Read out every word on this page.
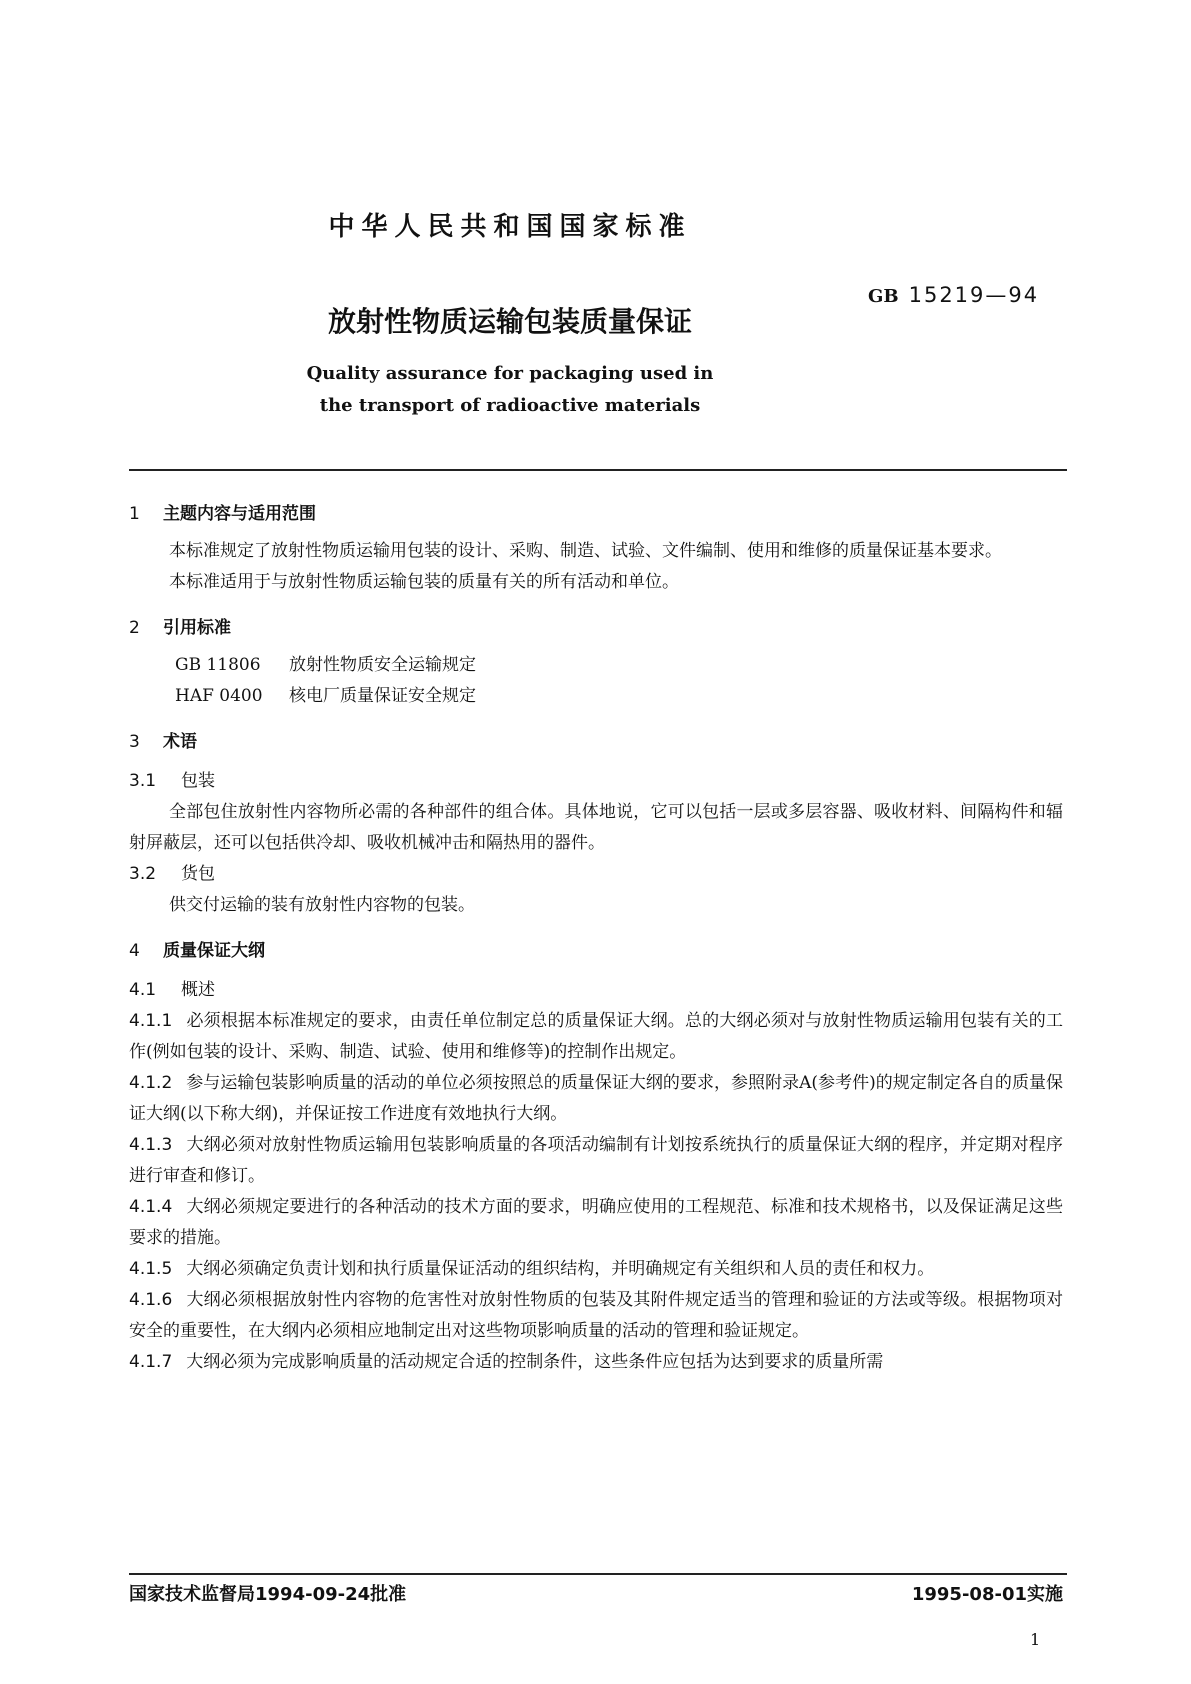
中华人民共和国国家标准
GB 15219—94
放射性物质运输包装质量保证
Quality assurance for packaging used in
the transport of radioactive materials
1 主题内容与适用范围

本标准规定了放射性物质运输用包装的设计、采购、制造、试验、文件编制、使用和维修的质量保证基本要求。

本标准适用于与放射性物质运输包装的质量有关的所有活动和单位。

2 引用标准
GB 11806 放射性物质安全运输规定
HAF 0400 核电厂质量保证安全规定
3 术语
3.1 包装

全部包住放射性内容物所必需的各种部件的组合体。具体地说，它可以包括一层或多层容器、吸收材料、间隔构件和辐射屏蔽层，还可以包括供冷却、吸收机械冲击和隔热用的器件。

3.2 货包

供交付运输的装有放射性内容物的包装。

4 质量保证大纲
4.1 概述

4.1.1 必须根据本标准规定的要求，由责任单位制定总的质量保证大纲。总的大纲必须对与放射性物质运输用包装有关的工作(例如包装的设计、采购、制造、试验、使用和维修等)的控制作出规定。

4.1.2 参与运输包装影响质量的活动的单位必须按照总的质量保证大纲的要求，参照附录A(参考件)的规定制定各自的质量保证大纲(以下称大纲)，并保证按工作进度有效地执行大纲。

4.1.3 大纲必须对放射性物质运输用包装影响质量的各项活动编制有计划按系统执行的质量保证大纲的程序，并定期对程序进行审查和修订。

4.1.4 大纲必须规定要进行的各种活动的技术方面的要求，明确应使用的工程规范、标准和技术规格书，以及保证满足这些要求的措施。

4.1.5 大纲必须确定负责计划和执行质量保证活动的组织结构，并明确规定有关组织和人员的责任和权力。

4.1.6 大纲必须根据放射性内容物的危害性对放射性物质的包装及其附件规定适当的管理和验证的方法或等级。根据物项对安全的重要性，在大纲内必须相应地制定出对这些物项影响质量的活动的管理和验证规定。

4.1.7 大纲必须为完成影响质量的活动规定合适的控制条件，这些条件应包括为达到要求的质量所需

国家技术监督局1994-09-24批准	1995-08-01实施
1
